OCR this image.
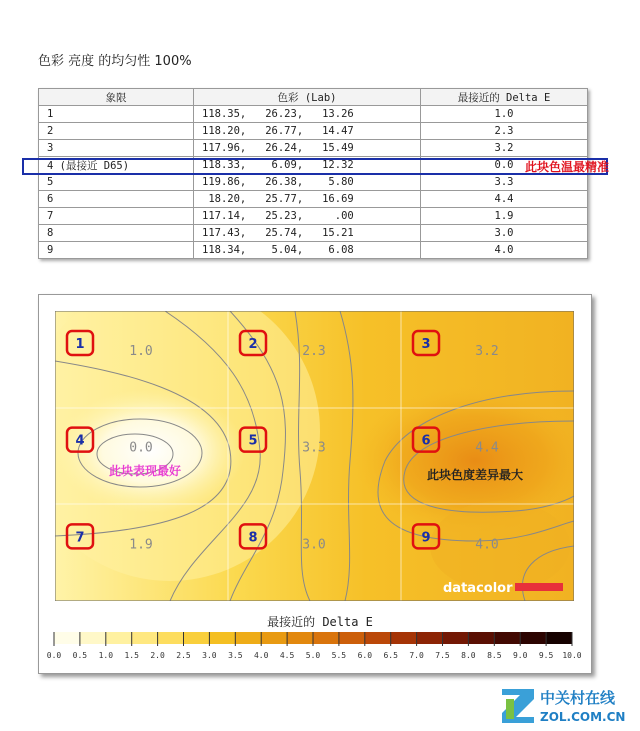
色彩 亮度 的均匀性 100%
象限	色彩 (Lab)	最接近的 Delta E
1	118.35,   26.23,   13.26	1.0
2	118.20,   26.77,   14.47	2.3
3	117.96,   26.24,   15.49	3.2
4 (最接近 D65)	118.33,    6.09,   12.32	0.0
5	119.86,   26.38,    5.80	3.3
6	18.20,   25.77,   16.69	4.4
7	117.14,   25.23,     .00	1.9
8	117.43,   25.74,   15.21	3.0
9	118.34,    5.04,    6.08	4.0
此块色温最精准
1	1.0	2	2.3	3	3.2
4	0.0	5	3.3	6	4.4
7	1.9	8	3.0	9	4.0
此块表现最好	此块色度差异最大
datacolor
最接近的 Delta E
0.0 0.5 1.0 1.5 2.0 2.5 3.0 3.5 4.0 4.5 5.0 5.5 6.0 6.5 7.0 7.5 8.0 8.5 9.0 9.5 10.0
中关村在线
ZOL.COM.CN
